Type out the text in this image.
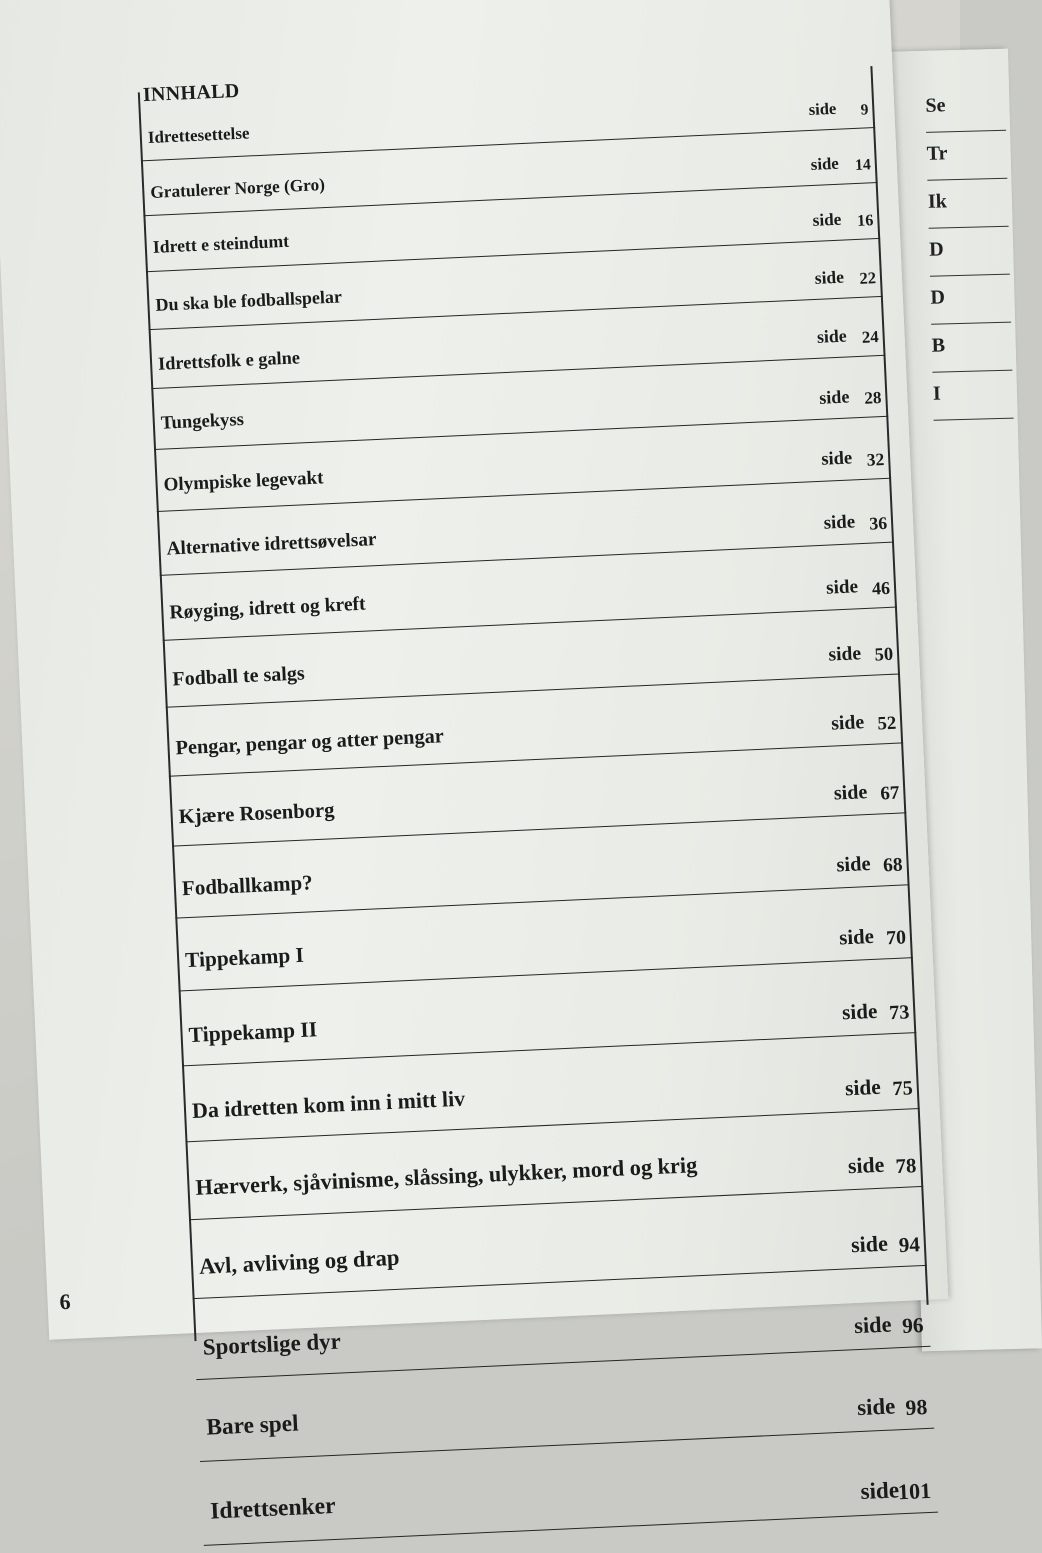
Se
Tr
Ik
D
D
B
I
INNHALD
Idrettesettelse
side 9
Gratulerer Norge (Gro)
side 14
Idrett e steindumt
side 16
Du ska ble fodballspelar
side 22
Idrettsfolk e galne
side 24
Tungekyss
side 28
Olympiske legevakt
side 32
Alternative idrettsøvelsar
side 36
Røyging, idrett og kreft
side 46
Fodball te salgs
side 50
Pengar, pengar og atter pengar
side 52
Kjære Rosenborg
side 67
Fodballkamp?
side 68
Tippekamp I
side 70
Tippekamp II
side 73
Da idretten kom inn i mitt liv	side 75
Hærverk, sjåvinisme, slåssing, ulykker, mord og krig	side 78
Avl, avliving og drap
side 94
Sportslige dyr
side 96
Bare spel
side 98
Idrettsenker
side
101
6
